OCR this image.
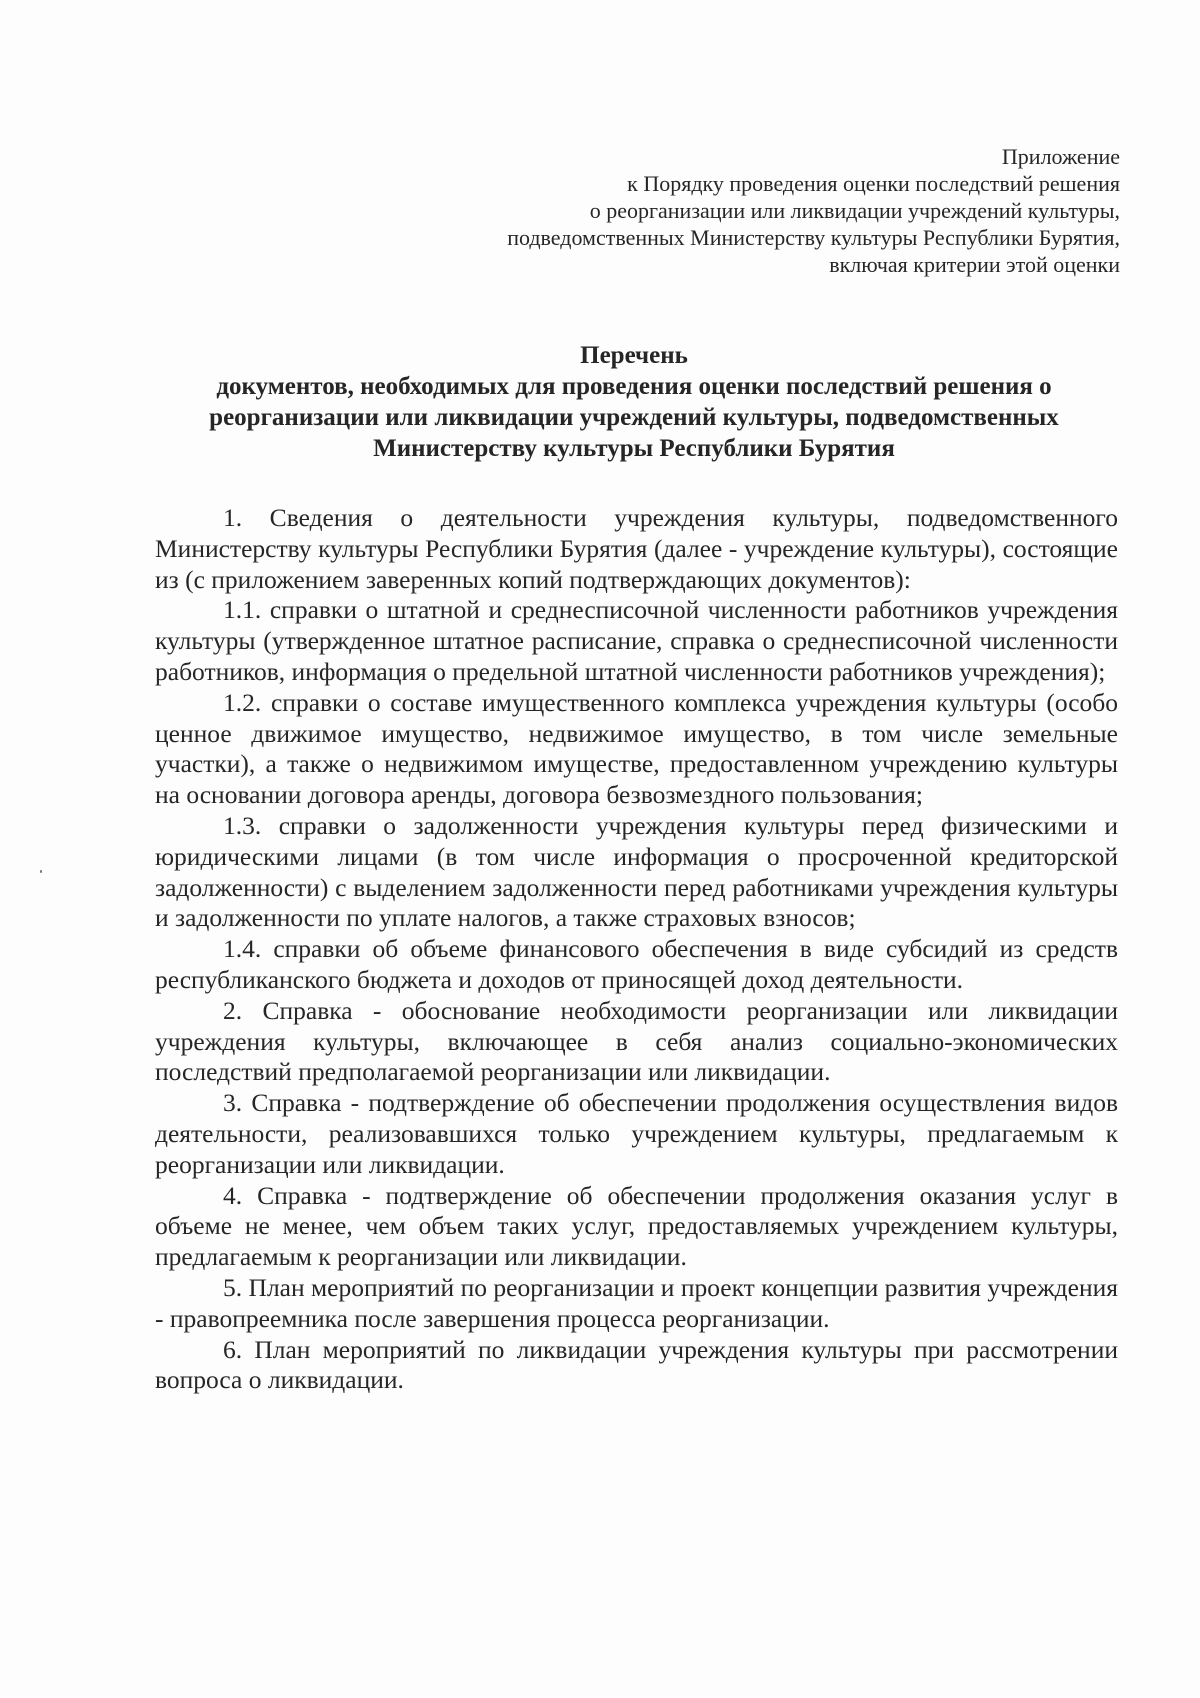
Приложение
к Порядку проведения оценки последствий решения
о реорганизации или ликвидации учреждений культуры,
подведомственных Министерству культуры Республики Бурятия,
включая критерии этой оценки
Перечень
документов, необходимых для проведения оценки последствий решения о
реорганизации или ликвидации учреждений культуры, подведомственных
Министерству культуры Республики Бурятия

1. Сведения о деятельности учреждения культуры, подведомственного Министерству культуры Республики Бурятия (далее - учреждение культуры), состоящие из (с приложением заверенных копий подтверждающих документов):

1.1. справки о штатной и среднесписочной численности работников учреждения культуры (утвержденное штатное расписание, справка о среднесписочной численности работников, информация о предельной штатной численности работников учреждения);

1.2. справки о составе имущественного комплекса учреждения культуры (особо ценное движимое имущество, недвижимое имущество, в том числе земельные участки), а также о недвижимом имуществе, предоставленном учреждению культуры на основании договора аренды, договора безвозмездного пользования;

1.3. справки о задолженности учреждения культуры перед физическими и юридическими лицами (в том числе информация о просроченной кредиторской задолженности) с выделением задолженности перед работниками учреждения культуры и задолженности по уплате налогов, а также страховых взносов;

1.4. справки об объеме финансового обеспечения в виде субсидий из средств республиканского бюджета и доходов от приносящей доход деятельности.

2. Справка - обоснование необходимости реорганизации или ликвидации учреждения культуры, включающее в себя анализ социально-экономических последствий предполагаемой реорганизации или ликвидации.

3. Справка - подтверждение об обеспечении продолжения осуществления видов деятельности, реализовавшихся только учреждением культуры, предлагаемым к реорганизации или ликвидации.

4. Справка - подтверждение об обеспечении продолжения оказания услуг в объеме не менее, чем объем таких услуг, предоставляемых учреждением культуры, предлагаемым к реорганизации или ликвидации.

5. План мероприятий по реорганизации и проект концепции развития учреждения - правопреемника после завершения процесса реорганизации.

6. План мероприятий по ликвидации учреждения культуры при рассмотрении вопроса о ликвидации.
